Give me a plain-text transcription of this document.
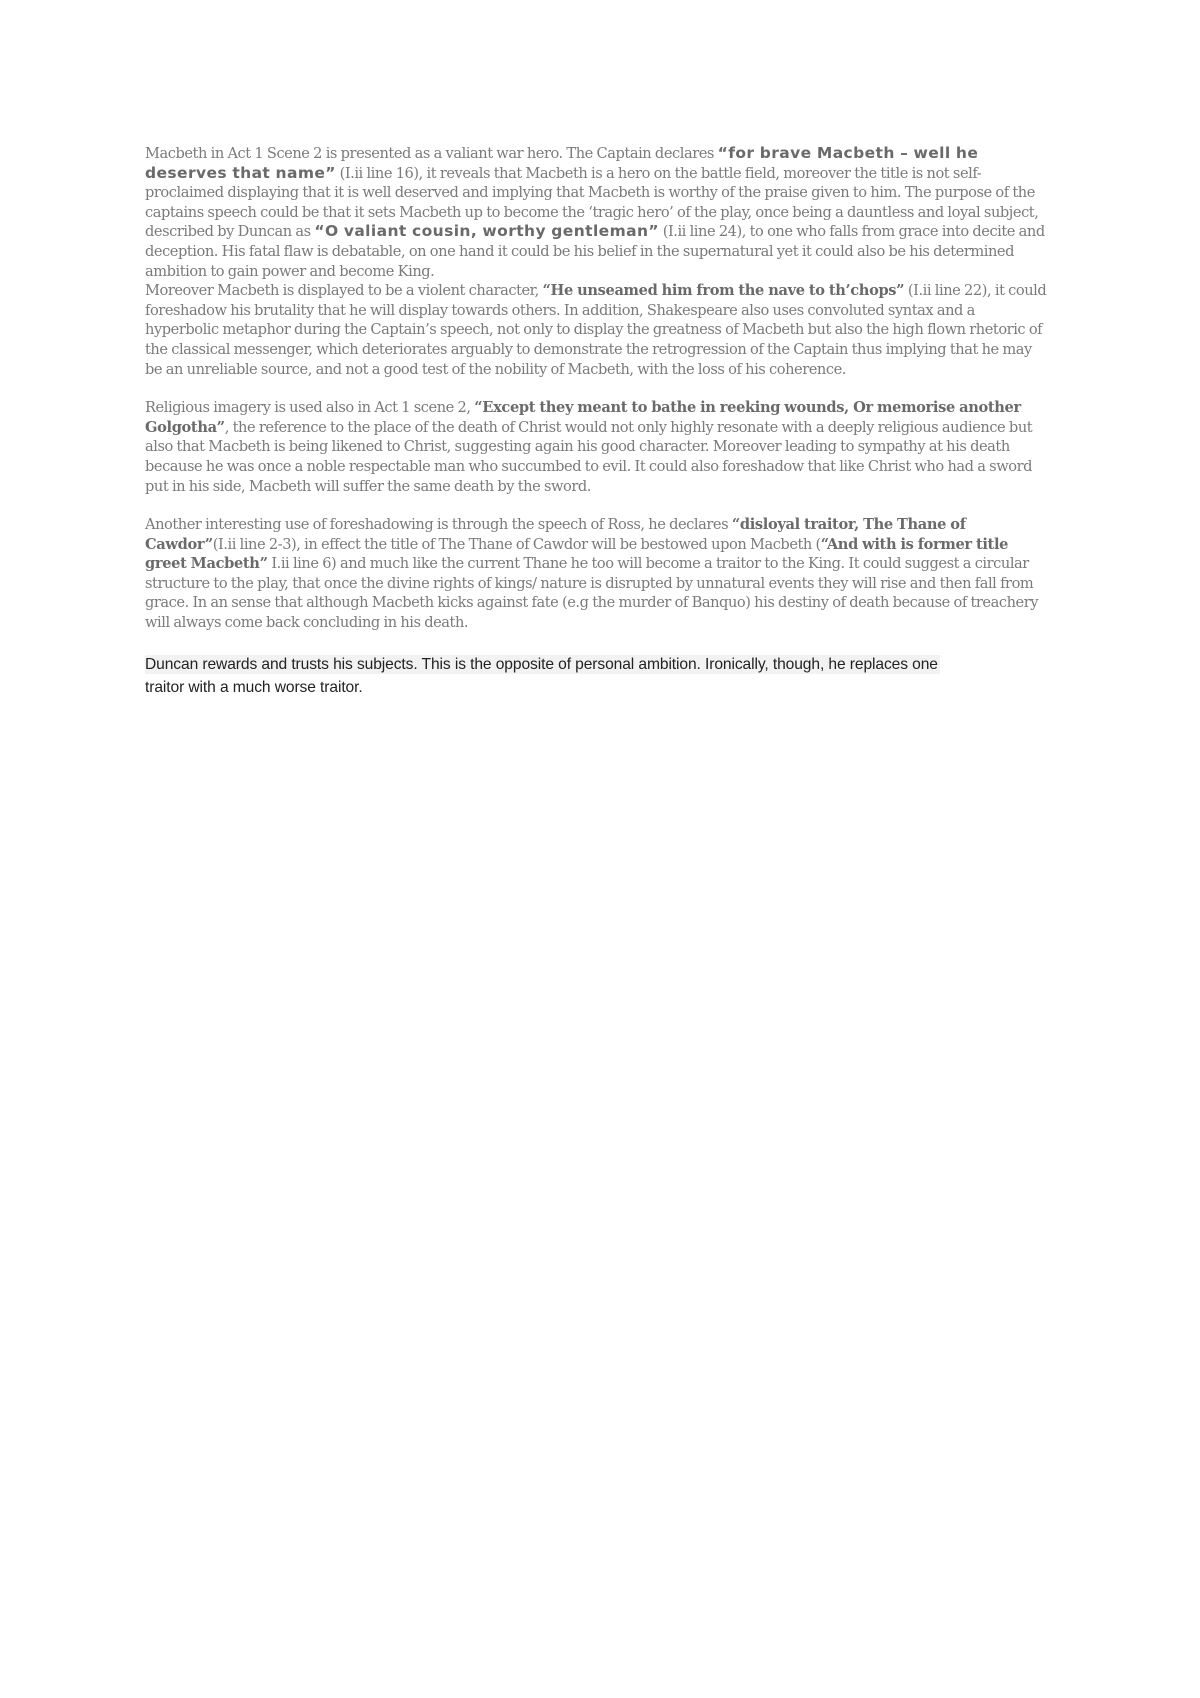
Macbeth in Act 1 Scene 2 is presented as a valiant war hero. The Captain declares “for brave Macbeth – well he deserves that name” (I.ii line 16), it reveals that Macbeth is a hero on the battle field, moreover the title is not self-proclaimed displaying that it is well deserved and implying that Macbeth is worthy of the praise given to him. The purpose of the captains speech could be that it sets Macbeth up to become the ‘tragic hero’ of the play, once being a dauntless and loyal subject, described by Duncan as “O valiant cousin, worthy gentleman” (I.ii line 24), to one who falls from grace into decite and deception. His fatal flaw is debatable, on one hand it could be his belief in the supernatural yet it could also be his determined ambition to gain power and become King.

Moreover Macbeth is displayed to be a violent character, “He unseamed him from the nave to th’chops” (I.ii line 22), it could foreshadow his brutality that he will display towards others. In addition, Shakespeare also uses convoluted syntax and a hyperbolic metaphor during the Captain’s speech, not only to display the greatness of Macbeth but also the high flown rhetoric of the classical messenger, which deteriorates arguably to demonstrate the retrogression of the Captain thus implying that he may be an unreliable source, and not a good test of the nobility of Macbeth, with the loss of his coherence.

Religious imagery is used also in Act 1 scene 2, “Except they meant to bathe in reeking wounds, Or memorise another Golgotha”, the reference to the place of the death of Christ would not only highly resonate with a deeply religious audience but also that Macbeth is being likened to Christ, suggesting again his good character. Moreover leading to sympathy at his death because he was once a noble respectable man who succumbed to evil. It could also foreshadow that like Christ who had a sword put in his side, Macbeth will suffer the same death by the sword.

Another interesting use of foreshadowing is through the speech of Ross, he declares “disloyal traitor, The Thane of Cawdor”(I.ii line 2-3), in effect the title of The Thane of Cawdor will be bestowed upon Macbeth (“And with is former title greet Macbeth” I.ii line 6) and much like the current Thane he too will become a traitor to the King. It could suggest a circular structure to the play, that once the divine rights of kings/ nature is disrupted by unnatural events they will rise and then fall from grace. In an sense that although Macbeth kicks against fate (e.g the murder of Banquo) his destiny of death because of treachery will always come back concluding in his death.

Duncan rewards and trusts his subjects. This is the opposite of personal ambition. Ironically, though, he replaces one
traitor with a much worse traitor.
